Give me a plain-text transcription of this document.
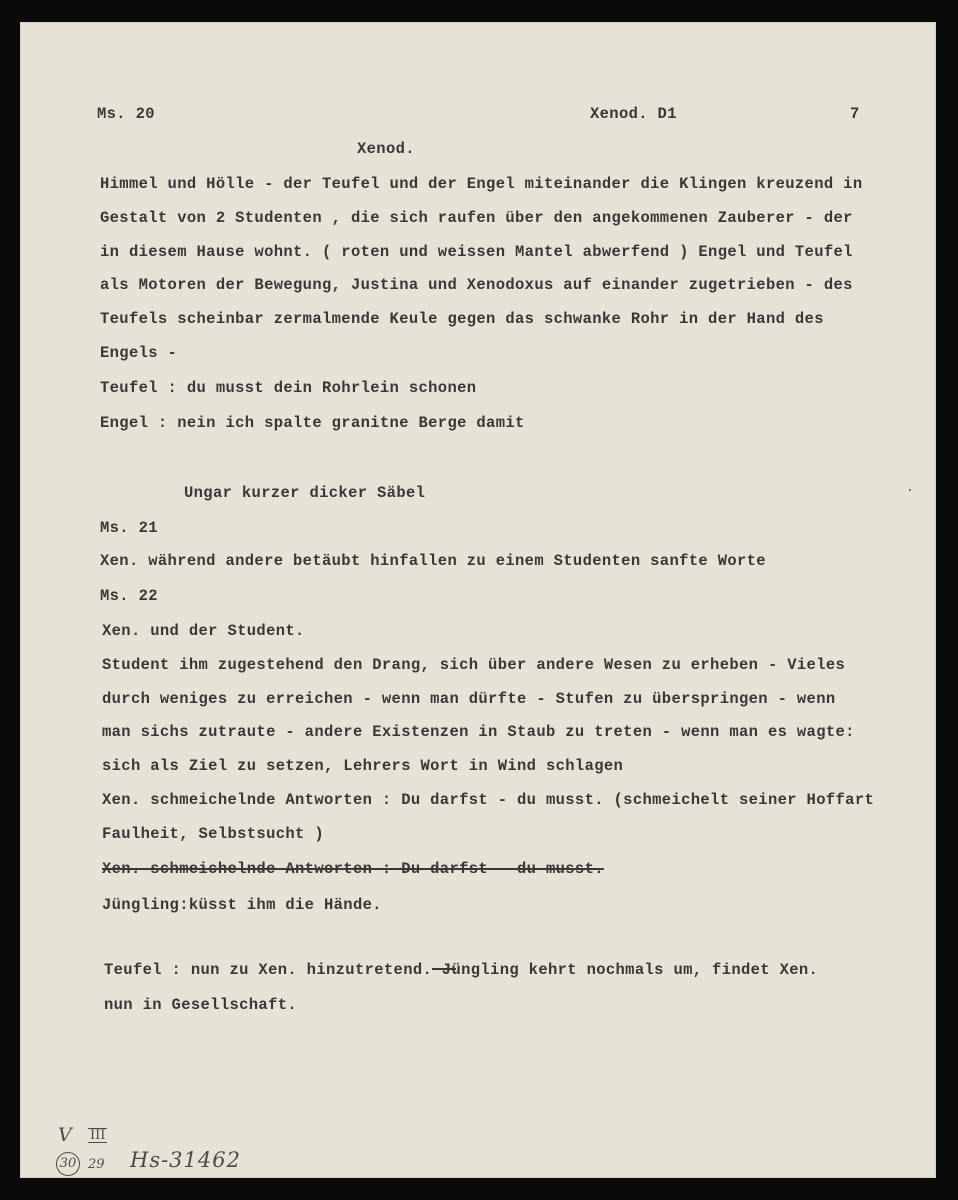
Ms. 20	Xenod. D1	7

Xenod.

Himmel und Hölle - der Teufel und der Engel miteinander die Klingen kreuzend in

Gestalt von 2 Studenten , die sich raufen über den angekommenen Zauberer - der

in diesem Hause wohnt. ( roten und weissen Mantel abwerfend ) Engel und Teufel

als Motoren der Bewegung, Justina und Xenodoxus auf einander zugetrieben - des

Teufels scheinbar zermalmende Keule gegen das schwanke Rohr in der Hand des

Engels -

Teufel : du musst dein Rohrlein schonen

Engel : nein ich spalte granitne Berge damit

Ungar kurzer dicker Säbel

Ms. 21

Xen. während andere betäubt hinfallen zu einem Studenten sanfte Worte

Ms. 22

Xen. und der Student.

Student ihm zugestehend den Drang, sich über andere Wesen zu erheben - Vieles

durch weniges zu erreichen - wenn man dürfte - Stufen zu überspringen - wenn

man sichs zutraute - andere Existenzen in Staub zu treten - wenn man es wagte:

sich als Ziel zu setzen, Lehrers Wort in Wind schlagen

Xen. schmeichelnde Antworten : Du darfst - du musst. (schmeichelt seiner Hoffart

Faulheit, Selbstsucht )

Xen. schmeichelnde Antworten : Du darfst - du musst.

Jüngling:küsst ihm die Hände.

Teufel : nun zu Xen. hinzutretend. Jüngling kehrt nochmals um, findet Xen.

nun in Gesellschaft.

V III
30 29 Hs-31462
